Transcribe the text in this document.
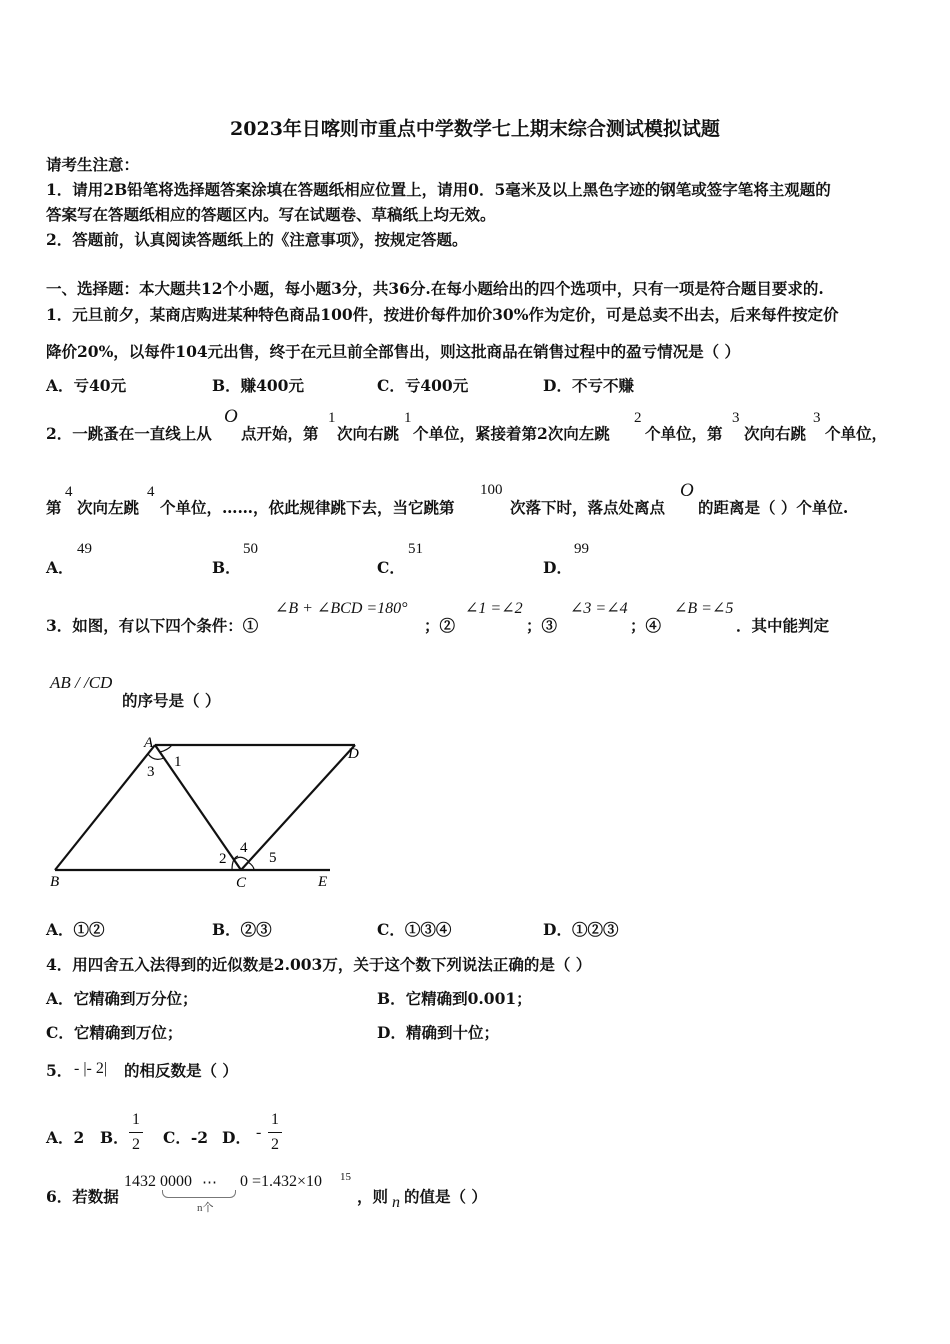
2023年日喀则市重点中学数学七上期末综合测试模拟试题
请考生注意：
1．请用2B铅笔将选择题答案涂填在答题纸相应位置上，请用0．5毫米及以上黑色字迹的钢笔或签字笔将主观题的
答案写在答题纸相应的答题区内。写在试题卷、草稿纸上均无效。
2．答题前，认真阅读答题纸上的《注意事项》，按规定答题。
一、选择题：本大题共12个小题，每小题3分，共36分.在每小题给出的四个选项中，只有一项是符合题目要求的.
1．元旦前夕，某商店购进某种特色商品100件，按进价每件加价30%作为定价，可是总卖不出去，后来每件按定价
降价20%，以每件104元出售，终于在元旦前全部售出，则这批商品在销售过程中的盈亏情况是（ ）
A．亏40元	B．赚400元	C．亏400元	D．不亏不赚
2．一跳蚤在一直线上从
O
点开始，第
1
次向右跳
1
个单位，紧接着第2次向左跳
2
个单位，第
3
次向右跳
3
个单位，
第
4
次向左跳
4
个单位，……，依此规律跳下去，当它跳第
100
次落下时，落点处离点
O
的距离是（ ）个单位.
A．
49
B．
50
C．
51
D．
99
3．如图，有以下四个条件：①
∠B + ∠BCD =180°
；②
∠1 =∠2
；③
∠3 =∠4
；④
∠B =∠5
．其中能判定
AB / /CD
的序号是（ ）
A
B	C
D
E
1
2
3
4
5
A．①②	B．②③	C．①③④	D．①②③
4．用四舍五入法得到的近似数是2.003万，关于这个数下列说法正确的是（ ）
A．它精确到万分位；	B．它精确到0.001；
C．它精确到万位；	D．精确到十位；
5． - |- 2| 的相反数是（ ）
A．2 B．
1
2 C．-2 D． -
1
2
6．若数据
1432 0000 ⋯
n个
0 =1.432×10 15
，则 n 的值是（ ）
